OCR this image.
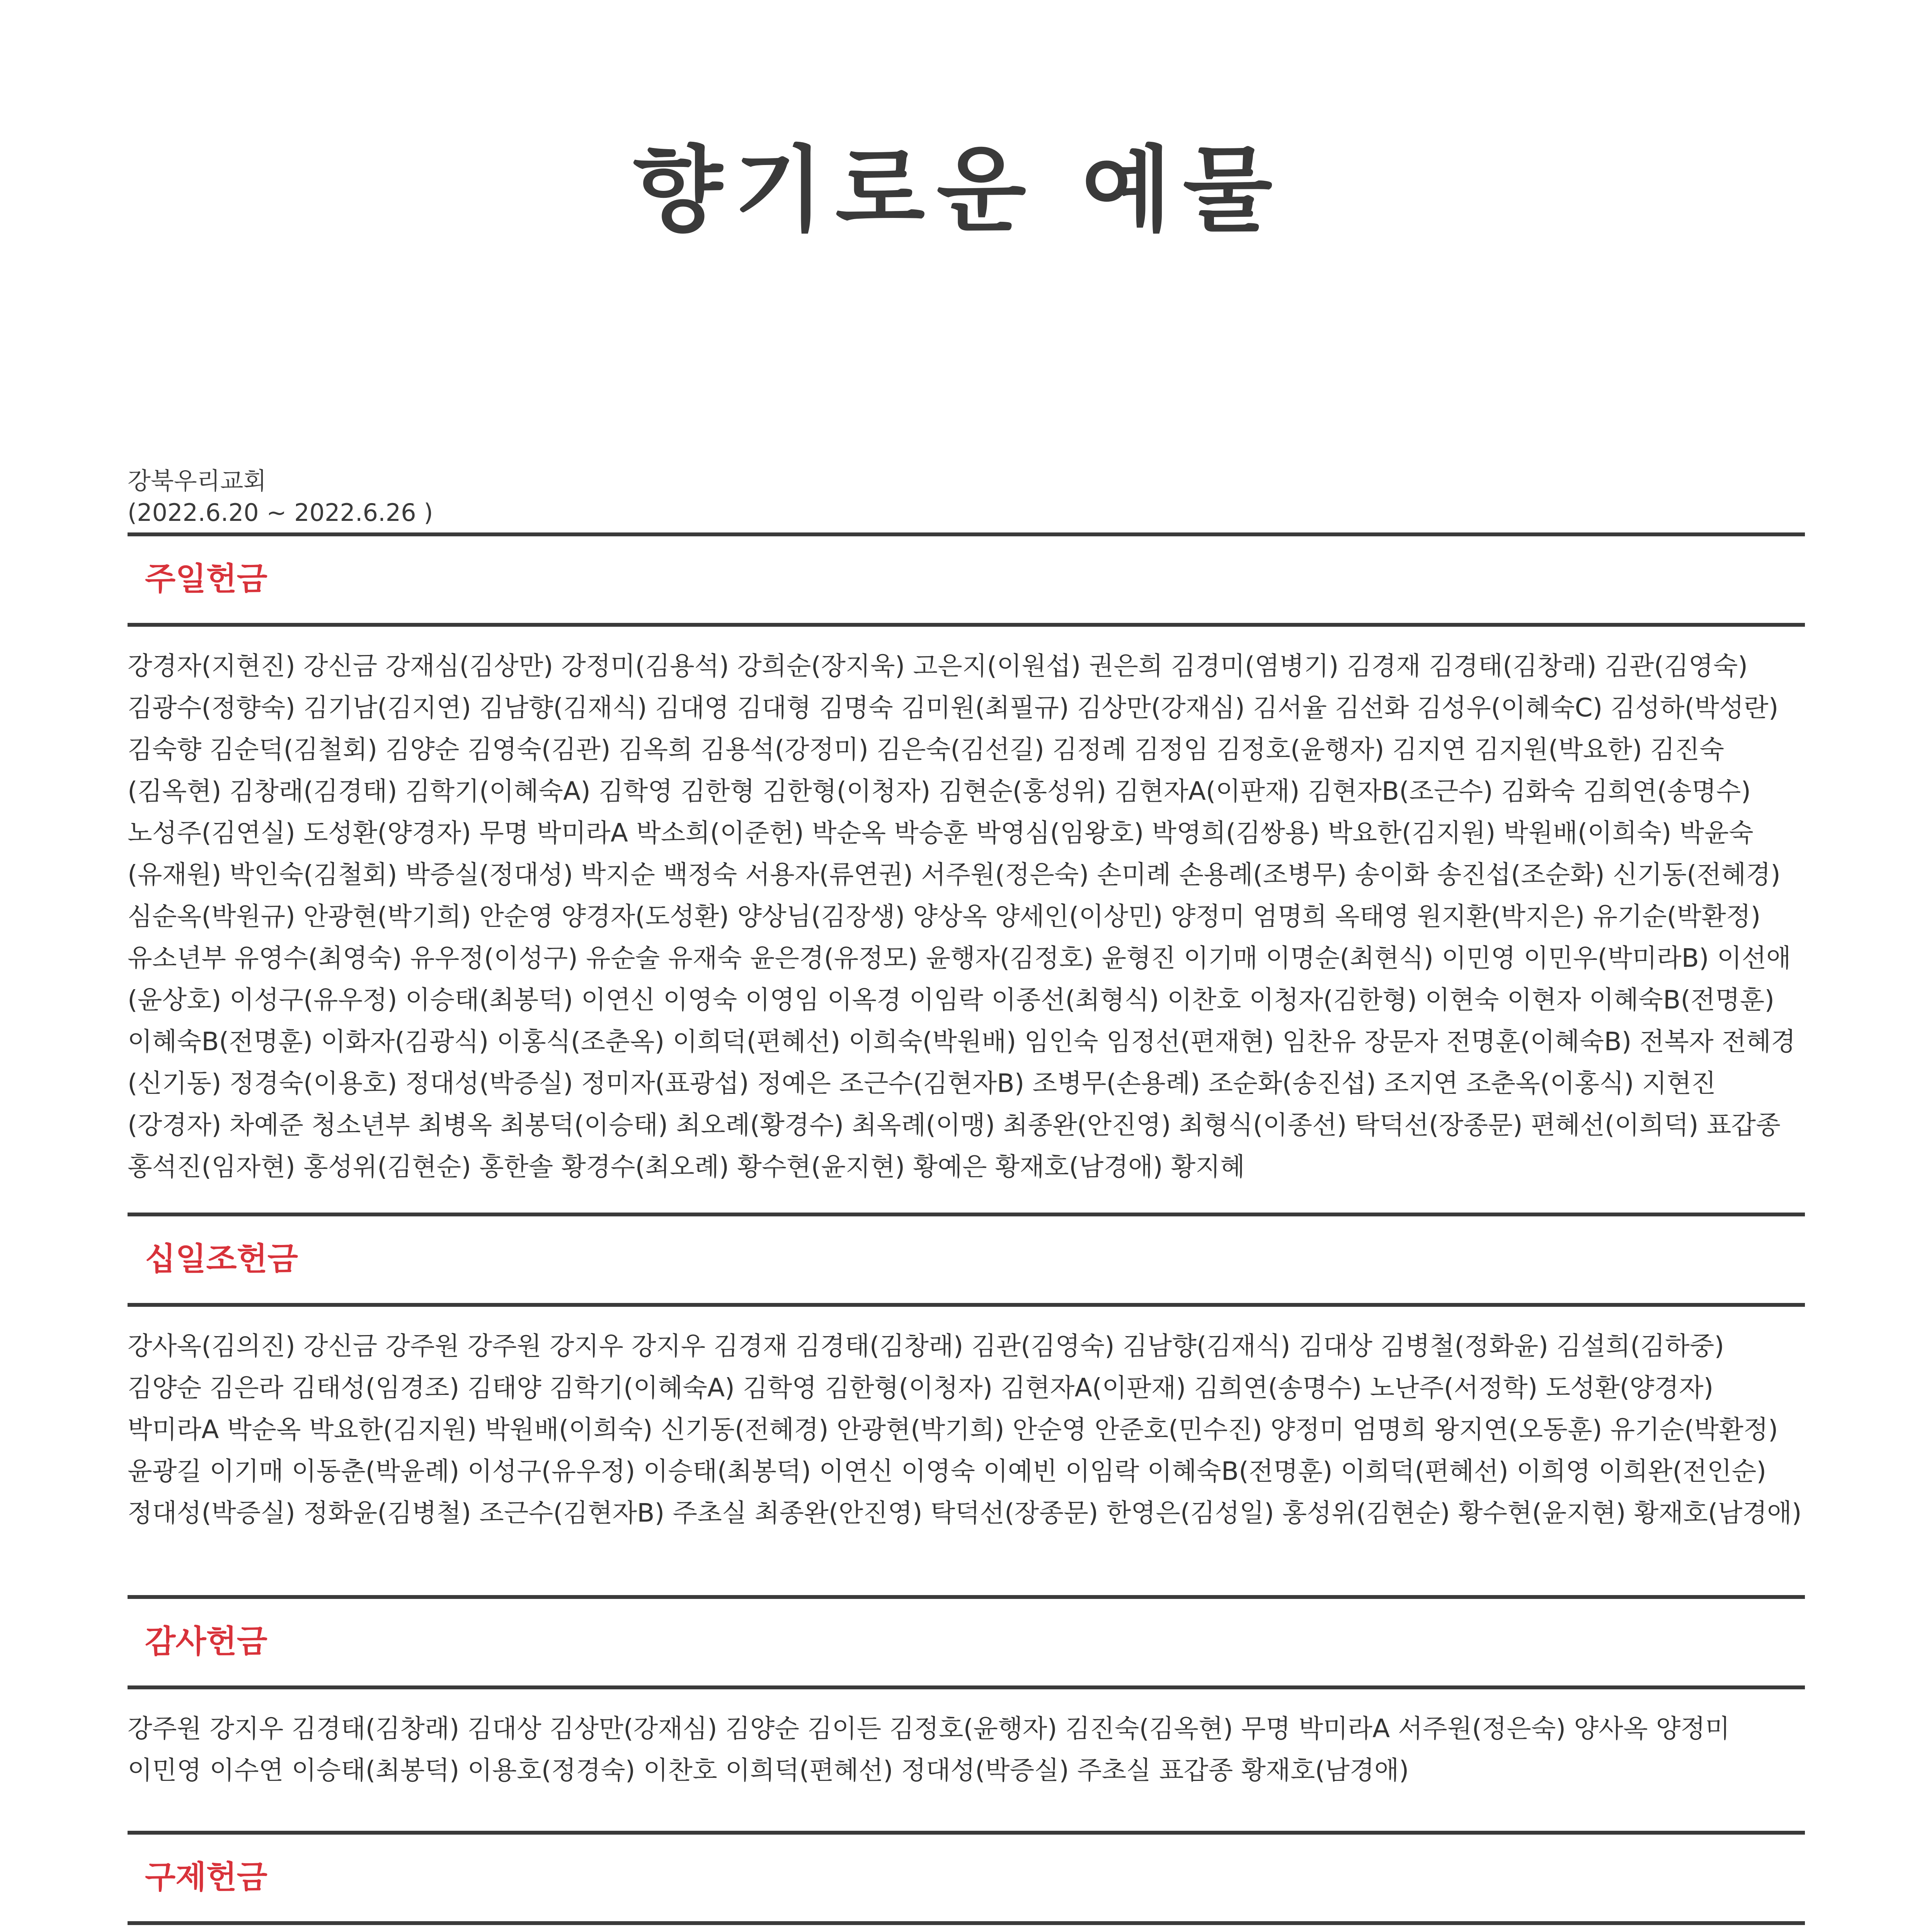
향기로운 예물
강북우리교회
(2022.6.20 ~ 2022.6.26 )
주일헌금
강경자(지현진) 강신금 강재심(김상만) 강정미(김용석) 강희순(장지욱) 고은지(이원섭) 권은희 김경미(염병기) 김경재 김경태(김창래) 김관(김영숙) 김광수(정향숙) 김기남(김지연) 김남향(김재식) 김대영 김대형 김명숙 김미원(최필규) 김상만(강재심) 김서율 김선화 김성우(이혜숙C) 김성하(박성란) 김숙향 김순덕(김철회) 김양순 김영숙(김관) 김옥희 김용석(강정미) 김은숙(김선길) 김정례 김정임 김정호(윤행자) 김지연 김지원(박요한) 김진숙(김옥현) 김창래(김경태) 김학기(이혜숙A) 김학영 김한형 김한형(이청자) 김현순(홍성위) 김현자A(이판재) 김현자B(조근수) 김화숙 김희연(송명수) 노성주(김연실) 도성환(양경자) 무명 박미라A 박소희(이준헌) 박순옥 박승훈 박영심(임왕호) 박영희(김쌍용) 박요한(김지원) 박원배(이희숙) 박윤숙(유재원) 박인숙(김철회) 박증실(정대성) 박지순 백정숙 서용자(류연권) 서주원(정은숙) 손미례 손용례(조병무) 송이화 송진섭(조순화) 신기동(전혜경) 심순옥(박원규) 안광현(박기희) 안순영 양경자(도성환) 양상님(김장생) 양상옥 양세인(이상민) 양정미 엄명희 옥태영 원지환(박지은) 유기순(박환정) 유소년부 유영수(최영숙) 유우정(이성구) 유순술 유재숙 윤은경(유정모) 윤행자(김정호) 윤형진 이기매 이명순(최현식) 이민영 이민우(박미라B) 이선애(윤상호) 이성구(유우정) 이승태(최봉덕) 이연신 이영숙 이영임 이옥경 이임락 이종선(최형식) 이찬호 이청자(김한형) 이현숙 이현자 이혜숙B(전명훈) 이혜숙B(전명훈) 이화자(김광식) 이홍식(조춘옥) 이희덕(편혜선) 이희숙(박원배) 임인숙 임정선(편재현) 임찬유 장문자 전명훈(이혜숙B) 전복자 전혜경(신기동) 정경숙(이용호) 정대성(박증실) 정미자(표광섭) 정예은 조근수(김현자B) 조병무(손용례) 조순화(송진섭) 조지연 조춘옥(이홍식) 지현진(강경자) 차예준 청소년부 최병옥 최봉덕(이승태) 최오례(황경수) 최옥례(이맹) 최종완(안진영) 최형식(이종선) 탁덕선(장종문) 편혜선(이희덕) 표갑종 홍석진(임자현) 홍성위(김현순) 홍한솔 황경수(최오례) 황수현(윤지현) 황예은 황재호(남경애) 황지혜
십일조헌금
강사옥(김의진) 강신금 강주원 강주원 강지우 강지우 김경재 김경태(김창래) 김관(김영숙) 김남향(김재식) 김대상 김병철(정화윤) 김설희(김하중) 김양순 김은라 김태성(임경조) 김태양 김학기(이혜숙A) 김학영 김한형(이청자) 김현자A(이판재) 김희연(송명수) 노난주(서정학) 도성환(양경자) 박미라A 박순옥 박요한(김지원) 박원배(이희숙) 신기동(전혜경) 안광현(박기희) 안순영 안준호(민수진) 양정미 엄명희 왕지연(오동훈) 유기순(박환정) 윤광길 이기매 이동춘(박윤례) 이성구(유우정) 이승태(최봉덕) 이연신 이영숙 이예빈 이임락 이혜숙B(전명훈) 이희덕(편혜선) 이희영 이희완(전인순) 정대성(박증실) 정화윤(김병철) 조근수(김현자B) 주초실 최종완(안진영) 탁덕선(장종문) 한영은(김성일) 홍성위(김현순) 황수현(윤지현) 황재호(남경애)
감사헌금
강주원 강지우 김경태(김창래) 김대상 김상만(강재심) 김양순 김이든 김정호(윤행자) 김진숙(김옥현) 무명 박미라A 서주원(정은숙) 양사옥 양정미 이민영 이수연 이승태(최봉덕) 이용호(정경숙) 이찬호 이희덕(편혜선) 정대성(박증실) 주초실 표갑종 황재호(남경애)
구제헌금
